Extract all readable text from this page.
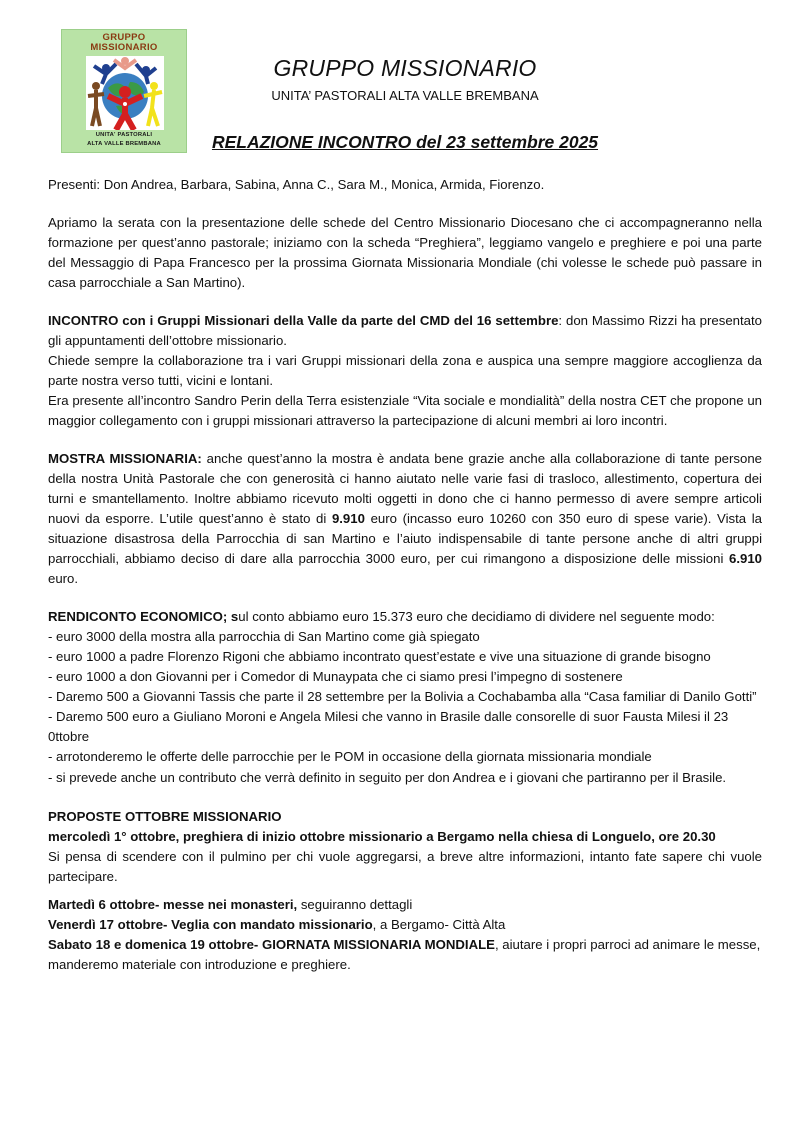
GRUPPO
MISSIONARIO
UNITA' PASTORALI
ALTA VALLE BREMBANA
GRUPPO MISSIONARIO
UNITA’ PASTORALI ALTA VALLE BREMBANA
RELAZIONE INCONTRO del 23 settembre 2025

Presenti: Don Andrea, Barbara, Sabina, Anna C., Sara M., Monica, Armida, Fiorenzo.

Apriamo la serata con la presentazione delle schede del Centro Missionario Diocesano che ci accompagneranno nella formazione per quest’anno pastorale; iniziamo con la scheda “Preghiera”, leggiamo vangelo e preghiere e poi una parte del Messaggio di Papa Francesco per la prossima Giornata Missionaria Mondiale (chi volesse le schede può passare in casa parrocchiale a San Martino).

INCONTRO con i Gruppi Missionari della Valle da parte del CMD del 16 settembre: don Massimo Rizzi ha presentato gli appuntamenti dell’ottobre missionario.

Chiede sempre la collaborazione tra i vari Gruppi missionari della zona e auspica una sempre maggiore accoglienza da parte nostra verso tutti, vicini e lontani.

Era presente all’incontro Sandro Perin della Terra esistenziale “Vita sociale e mondialità” della nostra CET che propone un maggior collegamento con i gruppi missionari attraverso la partecipazione di alcuni membri ai loro incontri.

MOSTRA MISSIONARIA: anche quest’anno la mostra è andata bene grazie anche alla collaborazione di tante persone della nostra Unità Pastorale che con generosità ci hanno aiutato nelle varie fasi di trasloco, allestimento, copertura dei turni e smantellamento. Inoltre abbiamo ricevuto molti oggetti in dono che ci hanno permesso di avere sempre articoli nuovi da esporre. L’utile quest’anno è stato di 9.910 euro (incasso euro 10260 con 350 euro di spese varie). Vista la situazione disastrosa della Parrocchia di san Martino e l’aiuto indispensabile di tante persone anche di altri gruppi parrocchiali, abbiamo deciso di dare alla parrocchia 3000 euro, per cui rimangono a disposizione delle missioni 6.910 euro.

RENDICONTO ECONOMICO; sul conto abbiamo euro 15.373 euro che decidiamo di dividere nel seguente modo:

- euro 3000 della mostra alla parrocchia di San Martino come già spiegato

- euro 1000 a padre Florenzo Rigoni che abbiamo incontrato quest’estate e vive una situazione di grande bisogno

- euro 1000 a don Giovanni per i Comedor di Munaypata che ci siamo presi l’impegno di sostenere

- Daremo 500 a Giovanni Tassis che parte il 28 settembre per la Bolivia a Cochabamba alla “Casa familiar di Danilo Gotti”

- Daremo 500 euro a Giuliano Moroni e Angela Milesi che vanno in Brasile dalle consorelle di suor Fausta Milesi il 23 0ttobre

- arrotonderemo le offerte delle parrocchie per le POM in occasione della giornata missionaria mondiale

- si prevede anche un contributo che verrà definito in seguito per don Andrea e i giovani che partiranno per il Brasile.

PROPOSTE OTTOBRE MISSIONARIO

mercoledì 1° ottobre, preghiera di inizio ottobre missionario a Bergamo nella chiesa di Longuelo, ore 20.30

Si pensa di scendere con il pulmino per chi vuole aggregarsi, a breve altre informazioni, intanto fate sapere chi vuole partecipare.

Martedì 6 ottobre- messe nei monasteri, seguiranno dettagli

Venerdì 17 ottobre- Veglia con mandato missionario, a Bergamo- Città Alta

Sabato 18 e domenica 19 ottobre- GIORNATA MISSIONARIA MONDIALE, aiutare i propri parroci ad animare le messe, manderemo materiale con introduzione e preghiere.
